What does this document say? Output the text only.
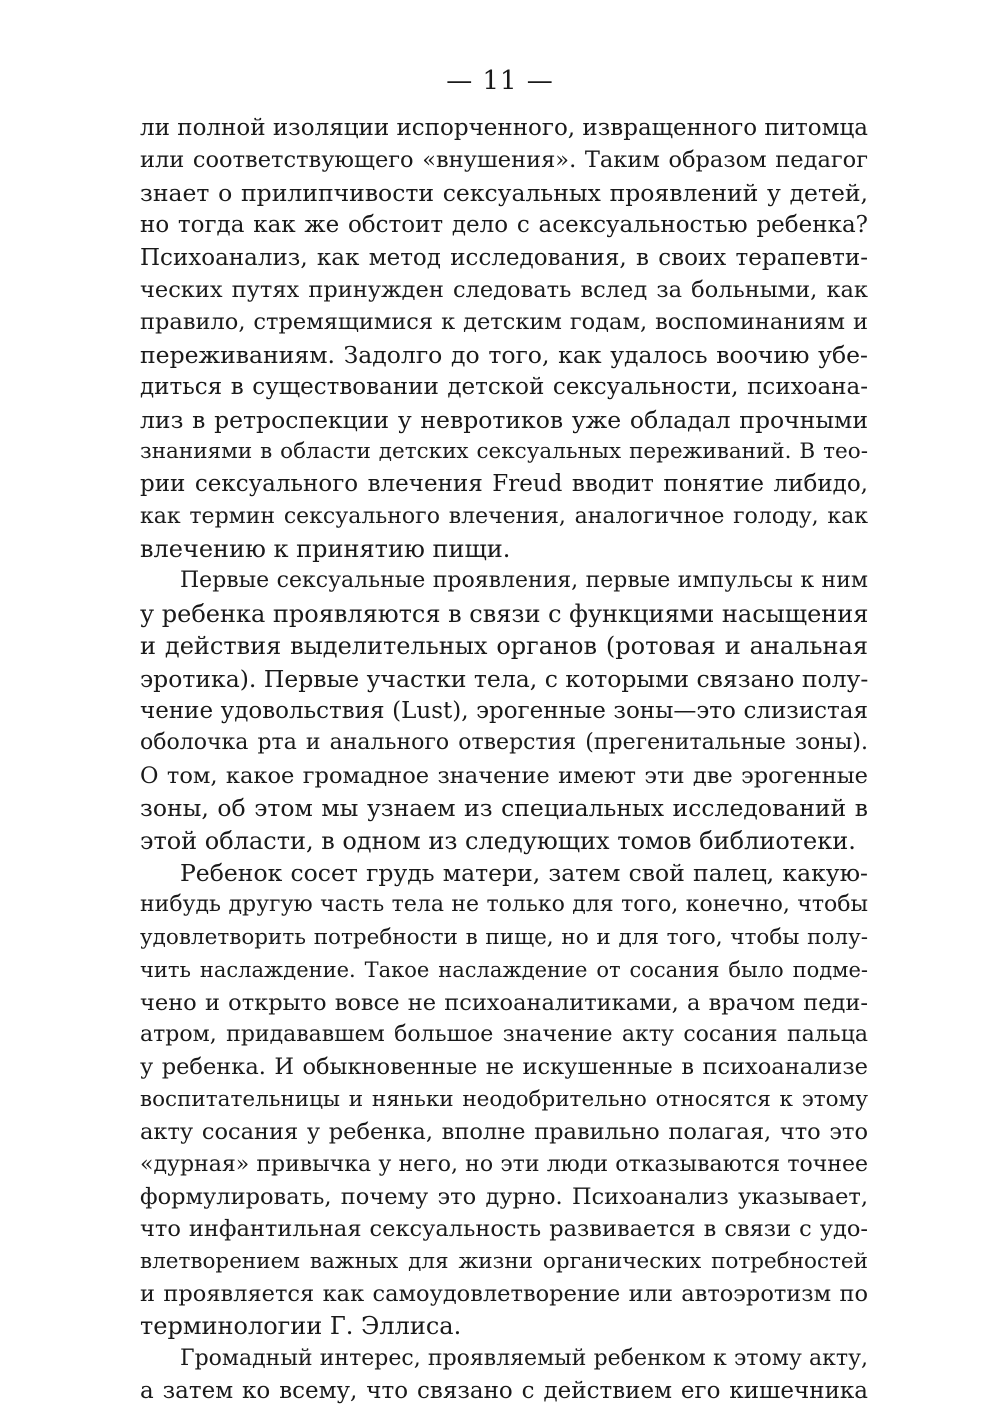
— 11 —
ли полной изоляции испорченного, извращенного питомца
или соответствующего «внушения». Таким образом педагог
знает о прилипчивости сексуальных проявлений у детей,
но тогда как же обстоит дело с асексуальностью ребенка?
Психоанализ, как метод исследования, в своих терапевти-
ческих путях принужден следовать вслед за больными, как
правило, стремящимися к детским годам, воспоминаниям и
переживаниям. Задолго до того, как удалось воочию убе-
диться в существовании детской сексуальности, психоана-
лиз в ретроспекции у невротиков уже обладал прочными
знаниями в области детских сексуальных переживаний. В тео-
рии сексуального влечения Freud вводит понятие либидо,
как термин сексуального влечения, аналогичное голоду, как
влечению к принятию пищи.
Первые сексуальные проявления, первые импульсы к ним
у ребенка проявляются в связи с функциями насыщения
и действия выделительных органов (ротовая и анальная
эротика). Первые участки тела, с которыми связано полу-
чение удовольствия (Lust), эрогенные зоны—это слизистая
оболочка рта и анального отверстия (прегенитальные зоны).
О том, какое громадное значение имеют эти две эрогенные
зоны, об этом мы узнаем из специальных исследований в
этой области, в одном из следующих томов библиотеки.
Ребенок сосет грудь матери, затем свой палец, какую-
нибудь другую часть тела не только для того, конечно, чтобы
удовлетворить потребности в пище, но и для того, чтобы полу-
чить наслаждение. Такое наслаждение от сосания было подме-
чено и открыто вовсе не психоаналитиками, а врачом педи-
атром, придававшем большое значение акту сосания пальца
у ребенка. И обыкновенные не искушенные в психоанализе
воспитательницы и няньки неодобрительно относятся к этому
акту сосания у ребенка, вполне правильно полагая, что это
«дурная» привычка у него, но эти люди отказываются точнее
формулировать, почему это дурно. Психоанализ указывает,
что инфантильная сексуальность развивается в связи с удо-
влетворением важных для жизни органических потребностей
и проявляется как самоудовлетворение или автоэротизм по
терминологии Г. Эллиса.
Громадный интерес, проявляемый ребенком к этому акту,
а затем ко всему, что связано с действием его кишечника
